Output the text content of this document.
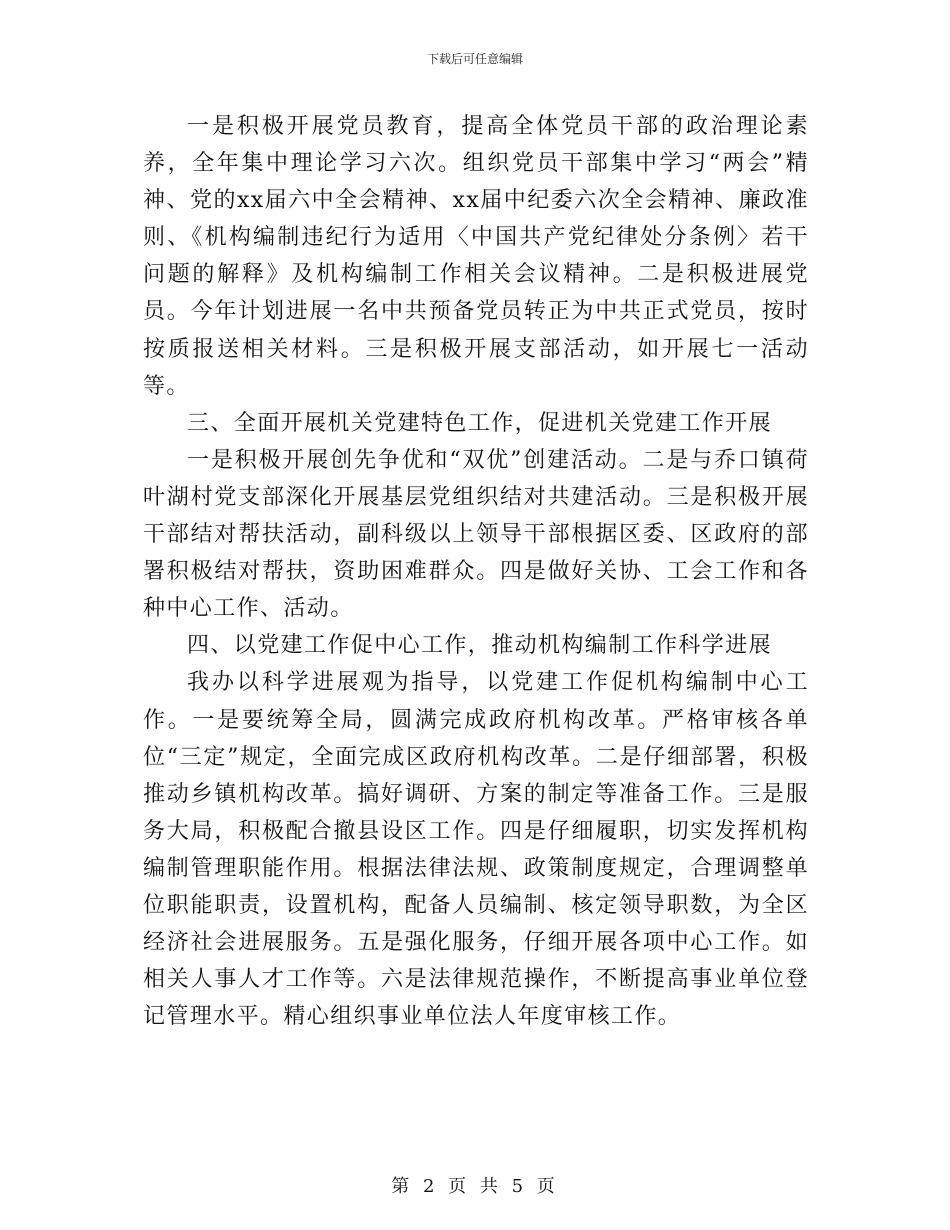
下载后可任意编辑

一是积极开展党员教育，提高全体党员干部的政治理论素养，全年集中理论学习六次。组织党员干部集中学习“两会”精神、党的xx届六中全会精神、xx届中纪委六次全会精神、廉政准则、《机构编制违纪行为适用〈中国共产党纪律处分条例〉若干问题的解释》及机构编制工作相关会议精神。二是积极进展党员。今年计划进展一名中共预备党员转正为中共正式党员，按时按质报送相关材料。三是积极开展支部活动，如开展七一活动等。

三、全面开展机关党建特色工作，促进机关党建工作开展

一是积极开展创先争优和“双优”创建活动。二是与乔口镇荷叶湖村党支部深化开展基层党组织结对共建活动。三是积极开展干部结对帮扶活动，副科级以上领导干部根据区委、区政府的部署积极结对帮扶，资助困难群众。四是做好关协、工会工作和各种中心工作、活动。

四、以党建工作促中心工作，推动机构编制工作科学进展

我办以科学进展观为指导，以党建工作促机构编制中心工作。一是要统筹全局，圆满完成政府机构改革。严格审核各单位“三定”规定，全面完成区政府机构改革。二是仔细部署，积极推动乡镇机构改革。搞好调研、方案的制定等准备工作。三是服务大局，积极配合撤县设区工作。四是仔细履职，切实发挥机构编制管理职能作用。根据法律法规、政策制度规定，合理调整单位职能职责，设置机构，配备人员编制、核定领导职数，为全区经济社会进展服务。五是强化服务，仔细开展各项中心工作。如相关人事人才工作等。六是法律规范操作，不断提高事业单位登记管理水平。精心组织事业单位法人年度审核工作。

第 2 页 共 5 页
